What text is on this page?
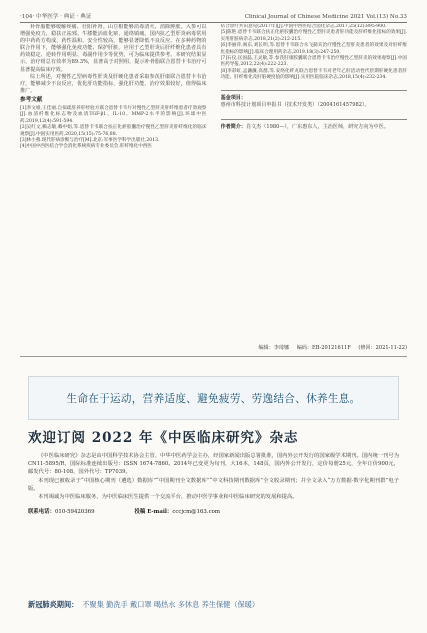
·104· 中华医学 · 典证 · 典证	Clinical Journal of Chinese Medicine 2021 Vol.(13) No.33

补骨脂能够缓解疼痛、壮阳补肾。山豆根能够消毒清火、消除肿胀。入参可以增强免疫力，稳扶正祛邪。牛膝能活血化瘀，通络镇痛。国内抗乙型肝炎病毒常用的中药药方构成，药性温和、安全性较高，能够显著降低不良反应。在多种药物的联合作用下，能够强化免疫功能、保护肝脏。应用于乙型肝炎后肝纤维化患者具有药效稳定、逆转作用明显、毒副作用少等优势，可为临床提供参考。本研究结果显示，治疗组总有效率为89.3%，显著高于对照组，提示补骨脂联合恩替卡韦治疗可显著提高临床疗效。

综上所述，对慢性乙型病毒性肝炎及肝硬化患者采取参芪肝康联合恩替卡韦治疗，能够减少不良反应，优化肝功能指标，强化肝功能，治疗效果较好，值得临床推广。

参考文献

[1]李文娟,王佳丽.自拟疏肝养肝经验方联合恩替卡韦片对慢性乙型肝炎肝纤维患者疗效观察[J].血清纤维化标志物及血清TGF-β1、IL-10、MMP-2水平的影响[J].环球中医药,2019,12(4):591-594.

[2]吴红文,赖志敏,赖中娟,等.恩替卡韦联合扶正化瘀胶囊治疗慢性乙型肝炎肝纤维化的临床观察[J].中国实用医药,2020,15(15):75-76,88.

[3]林小燕.现代肝病诊断与治疗[M].北京:军事医学科学出版社,2013.

[4]中国中西医结合学会消化系统疾病专业委员会.肝纤维化中西医

结合诊疗共识意见(2017年)[J].中国中西医结合消化杂志,2017,25(12):895-900.

[5]陈艳.恩替卡韦联合扶正化瘀胶囊治疗慢性乙型肝炎患者肝功能及肝纤维化指标的效果[J].实用肝脏病杂志,2018,21(2):212-215.

[6]李丽萍,阎东,刘长明,等.恩替卡韦联合水飞蓟宾治疗慢性乙型肝炎患者的效果及对肝纤维化指标的影响[J].临床合理用药杂志,2019,18(3):247-250.

[7]石仪,匡国磊,王灵敏,等.参芪肝康胶囊联合恩替卡韦治疗慢性乙型肝炎的效果观察[J].中国医药导报,2012,22(4):222-223.

[8]李彩虹,孟濂濂,高群,等.安络化纤丸联合恩替卡韦对老年乙肝活动性代偿期肝硬化患者肝功能、肝纤维化及肝脏硬度值的影响[J].实用医院临床杂志,2018,15(4):232-234.

基金项目：

惠州市科技计划项目申报书（技术开发类）（2004161457982）。

作者简介：肖文杰（1980—），广东惠东人，主治医师，研究方向为中医。

编辑：李琦娜 编码：EB-20121611F (修回：2021-11-22)
生命在于运动，营养适度、避免疲劳、劳逸结合、休养生息。
欢迎订阅 2022 年《中医临床研究》杂志

《中医临床研究》杂志是由中国科学技术协会主管、中华中医药学会主办，经国家新闻出版总署批准，国内外公开发行的国家级学术期刊。国内统一刊号为CN11-5895/R，国际标准连续出版号：ISSN 1674-7860。2014年已变更为旬刊，大16本，148页，国内外公开发行，定价每册25元，全年订价900元，邮发代号：80-108，国外代号：TP7039。

本刊现已被收录于“中国核心期刊（遴选）数据库”“中国期刊全文数据库”“中文科技期刊数据库”全文收录期刊；并全文录入“万方数据·数字化期刊群”电子版。

本刊竭诚为中医临床服务，为中医临床医生提供一个交流平台，推动中医学事业和中医临床研究的发展和提高。

联系电话：010-59420369	投稿 E-mail：cccjcm@163.com
新冠肺炎期间： 不聚集 勤洗手 戴口罩 喝热水 多休息 养生保健（保暖）
